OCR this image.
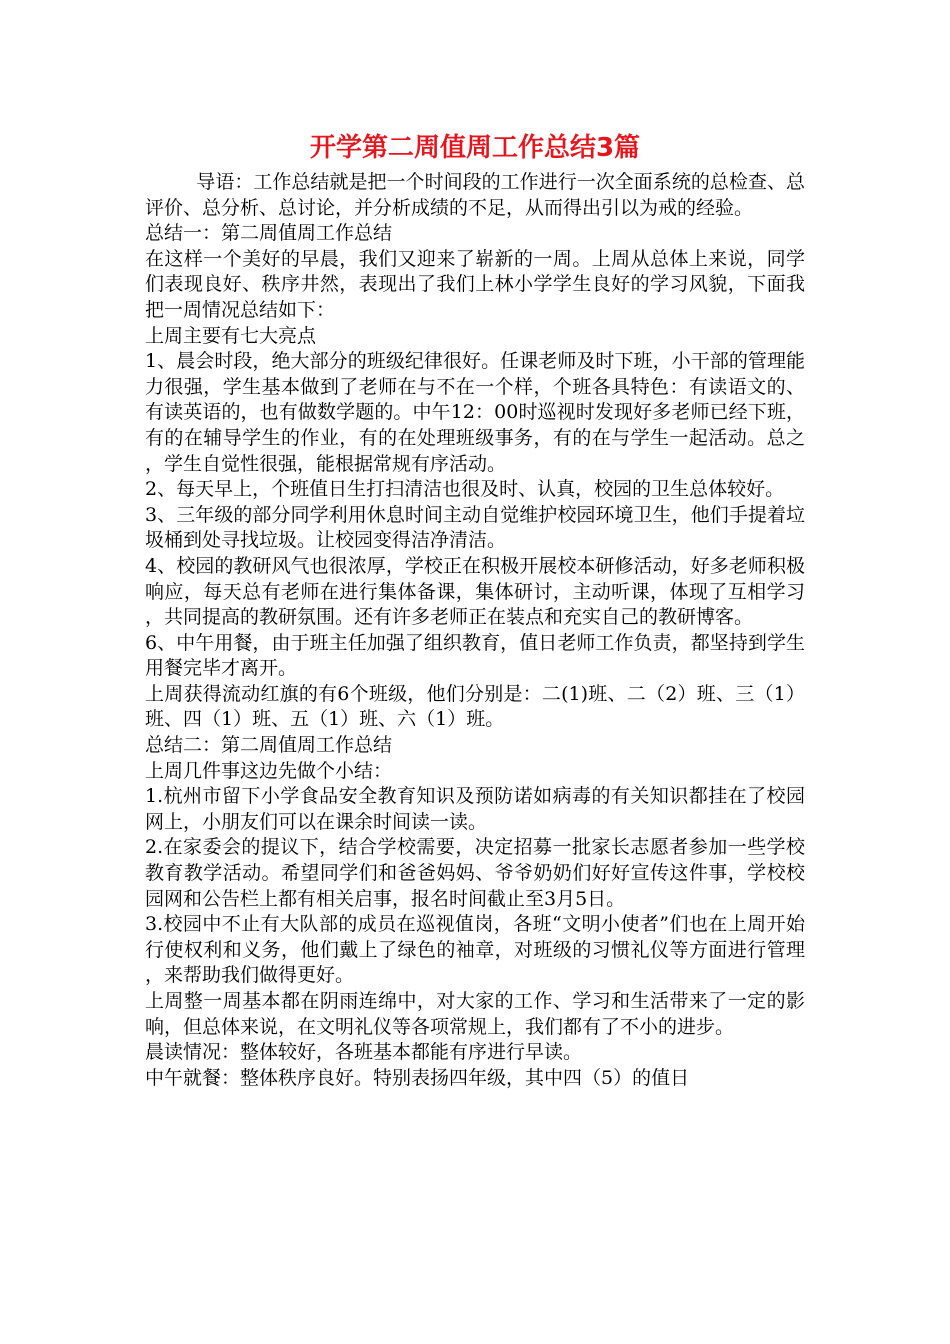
开学第二周值周工作总结3篇

导语：工作总结就是把一个时间段的工作进行一次全面系统的总检查、总评价、总分析、总讨论，并分析成绩的不足，从而得出引以为戒的经验。

总结一：第二周值周工作总结

在这样一个美好的早晨，我们又迎来了崭新的一周。上周从总体上来说，同学们表现良好、秩序井然，表现出了我们上林小学学生良好的学习风貌，下面我把一周情况总结如下：

上周主要有七大亮点

1、晨会时段，绝大部分的班级纪律很好。任课老师及时下班，小干部的管理能力很强，学生基本做到了老师在与不在一个样，个班各具特色：有读语文的、有读英语的，也有做数学题的。中午12：00时巡视时发现好多老师已经下班，有的在辅导学生的作业，有的在处理班级事务，有的在与学生一起活动。总之，学生自觉性很强，能根据常规有序活动。

2、每天早上，个班值日生打扫清洁也很及时、认真，校园的卫生总体较好。

3、三年级的部分同学利用休息时间主动自觉维护校园环境卫生，他们手提着垃圾桶到处寻找垃圾。让校园变得洁净清洁。

4、校园的教研风气也很浓厚，学校正在积极开展校本研修活动，好多老师积极响应，每天总有老师在进行集体备课，集体研讨，主动听课，体现了互相学习，共同提高的教研氛围。还有许多老师正在装点和充实自己的教研博客。

6、中午用餐，由于班主任加强了组织教育，值日老师工作负责，都坚持到学生用餐完毕才离开。

上周获得流动红旗的有6个班级，他们分别是：二(1)班、二（2）班、三（1）班、四（1）班、五（1）班、六（1）班。

总结二：第二周值周工作总结

上周几件事这边先做个小结：

1.杭州市留下小学食品安全教育知识及预防诺如病毒的有关知识都挂在了校园网上，小朋友们可以在课余时间读一读。

2.在家委会的提议下，结合学校需要，决定招募一批家长志愿者参加一些学校教育教学活动。希望同学们和爸爸妈妈、爷爷奶奶们好好宣传这件事，学校校园网和公告栏上都有相关启事，报名时间截止至3月5日。

3.校园中不止有大队部的成员在巡视值岗，各班“文明小使者”们也在上周开始行使权利和义务，他们戴上了绿色的袖章，对班级的习惯礼仪等方面进行管理，来帮助我们做得更好。

上周整一周基本都在阴雨连绵中，对大家的工作、学习和生活带来了一定的影响，但总体来说，在文明礼仪等各项常规上，我们都有了不小的进步。

晨读情况：整体较好，各班基本都能有序进行早读。

中午就餐：整体秩序良好。特别表扬四年级，其中四（5）的值日
